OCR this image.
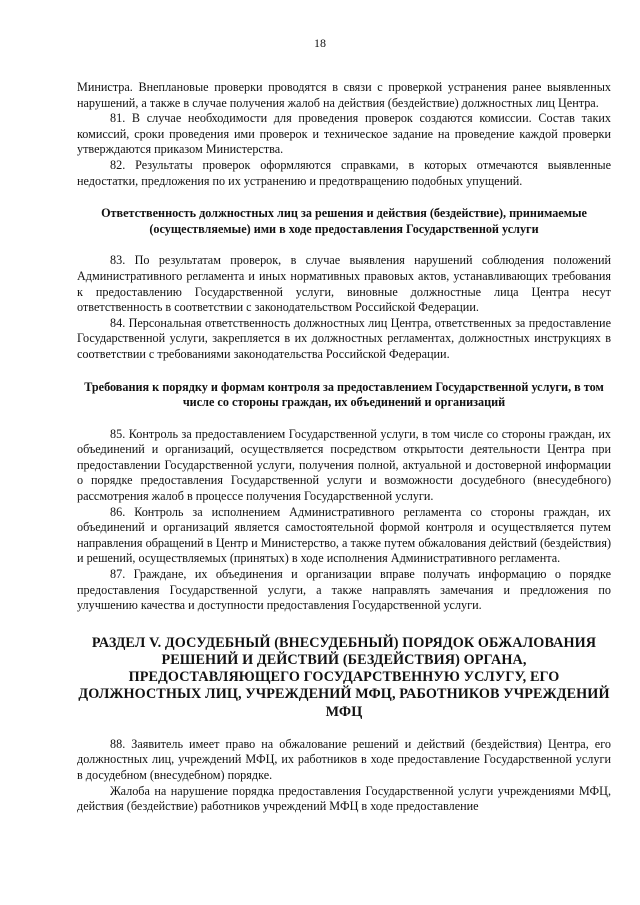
18

Министра. Внеплановые проверки проводятся в связи с проверкой устранения ранее выявленных нарушений, а также в случае получения жалоб на действия (бездействие) должностных лиц Центра.

81. В случае необходимости для проведения проверок создаются комиссии. Состав таких комиссий, сроки проведения ими проверок и техническое задание на проведение каждой проверки утверждаются приказом Министерства.

82. Результаты проверок оформляются справками, в которых отмечаются выявленные недостатки, предложения по их устранению и предотвращению подобных упущений.

Ответственность должностных лиц за решения и действия (бездействие), принимаемые (осуществляемые) ими в ходе предоставления Государственной услуги

83. По результатам проверок, в случае выявления нарушений соблюдения положений Административного регламента и иных нормативных правовых актов, устанавливающих требования к предоставлению Государственной услуги, виновные должностные лица Центра несут ответственность в соответствии с законодательством Российской Федерации.

84. Персональная ответственность должностных лиц Центра, ответственных за предоставление Государственной услуги, закрепляется в их должностных регламентах, должностных инструкциях в соответствии с требованиями законодательства Российской Федерации.

Требования к порядку и формам контроля за предоставлением Государственной услуги, в том числе со стороны граждан, их объединений и организаций

85. Контроль за предоставлением Государственной услуги, в том числе со стороны граждан, их объединений и организаций, осуществляется посредством открытости деятельности Центра при предоставлении Государственной услуги, получения полной, актуальной и достоверной информации о порядке предоставления Государственной услуги и возможности досудебного (внесудебного) рассмотрения жалоб в процессе получения Государственной услуги.

86. Контроль за исполнением Административного регламента со стороны граждан, их объединений и организаций является самостоятельной формой контроля и осуществляется путем направления обращений в Центр и Министерство, а также путем обжалования действий (бездействия) и решений, осуществляемых (принятых) в ходе исполнения Административного регламента.

87. Граждане, их объединения и организации вправе получать информацию о порядке предоставления Государственной услуги, а также направлять замечания и предложения по улучшению качества и доступности предоставления Государственной услуги.

РАЗДЕЛ V. ДОСУДЕБНЫЙ (ВНЕСУДЕБНЫЙ) ПОРЯДОК ОБЖАЛОВАНИЯ РЕШЕНИЙ И ДЕЙСТВИЙ (БЕЗДЕЙСТВИЯ) ОРГАНА, ПРЕДОСТАВЛЯЮЩЕГО ГОСУДАРСТВЕННУЮ УСЛУГУ, ЕГО ДОЛЖНОСТНЫХ ЛИЦ, УЧРЕЖДЕНИЙ МФЦ, РАБОТНИКОВ УЧРЕЖДЕНИЙ МФЦ

88. Заявитель имеет право на обжалование решений и действий (бездействия) Центра, его должностных лиц, учреждений МФЦ, их работников в ходе предоставление Государственной услуги в досудебном (внесудебном) порядке.

Жалоба на нарушение порядка предоставления Государственной услуги учреждениями МФЦ, действия (бездействие) работников учреждений МФЦ в ходе предоставление
